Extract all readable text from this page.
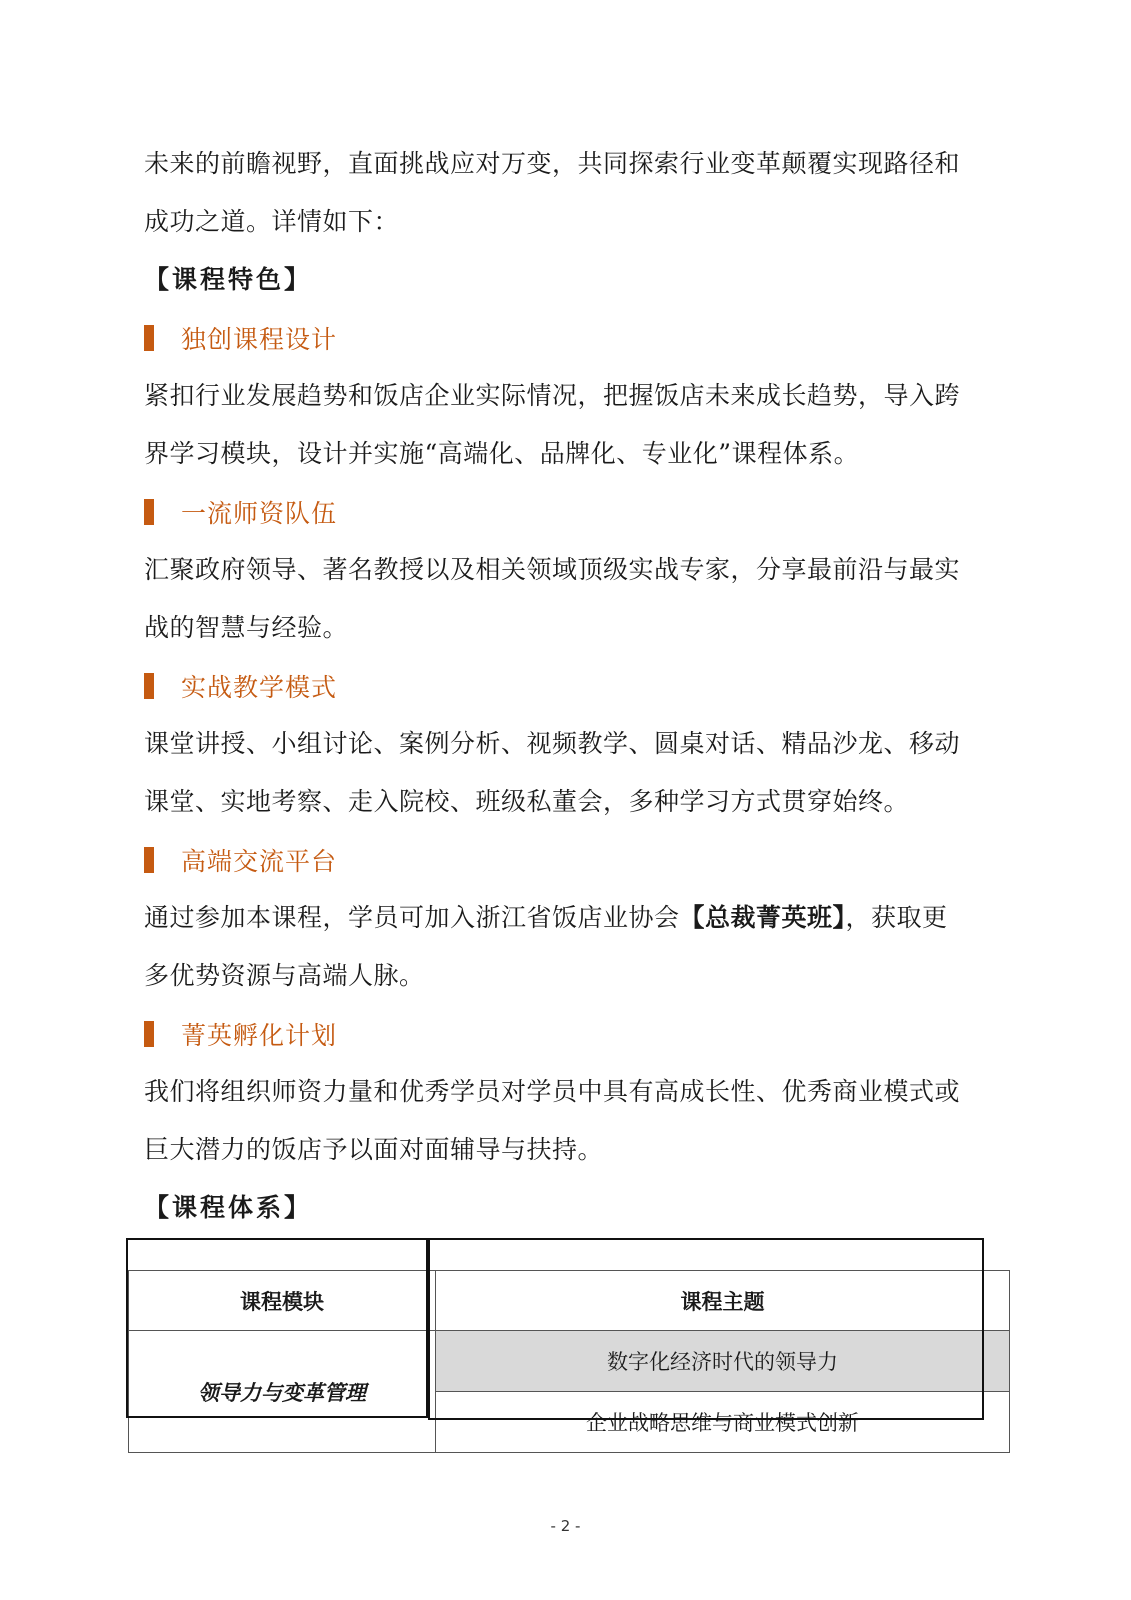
未来的前瞻视野，直面挑战应对万变，共同探索行业变革颠覆实现路径和
成功之道。详情如下：
【课程特色】
独创课程设计
紧扣行业发展趋势和饭店企业实际情况，把握饭店未来成长趋势，导入跨
界学习模块，设计并实施“高端化、品牌化、专业化”课程体系。
一流师资队伍
汇聚政府领导、著名教授以及相关领域顶级实战专家，分享最前沿与最实
战的智慧与经验。
实战教学模式
课堂讲授、小组讨论、案例分析、视频教学、圆桌对话、精品沙龙、移动
课堂、实地考察、走入院校、班级私董会，多种学习方式贯穿始终。
高端交流平台
通过参加本课程，学员可加入浙江省饭店业协会【总裁菁英班】，获取更
多优势资源与高端人脉。
菁英孵化计划
我们将组织师资力量和优秀学员对学员中具有高成长性、优秀商业模式或
巨大潜力的饭店予以面对面辅导与扶持。
【课程体系】
课程模块	课程主题
领导力与变革管理	数字化经济时代的领导力
	企业战略思维与商业模式创新
- 2 -
